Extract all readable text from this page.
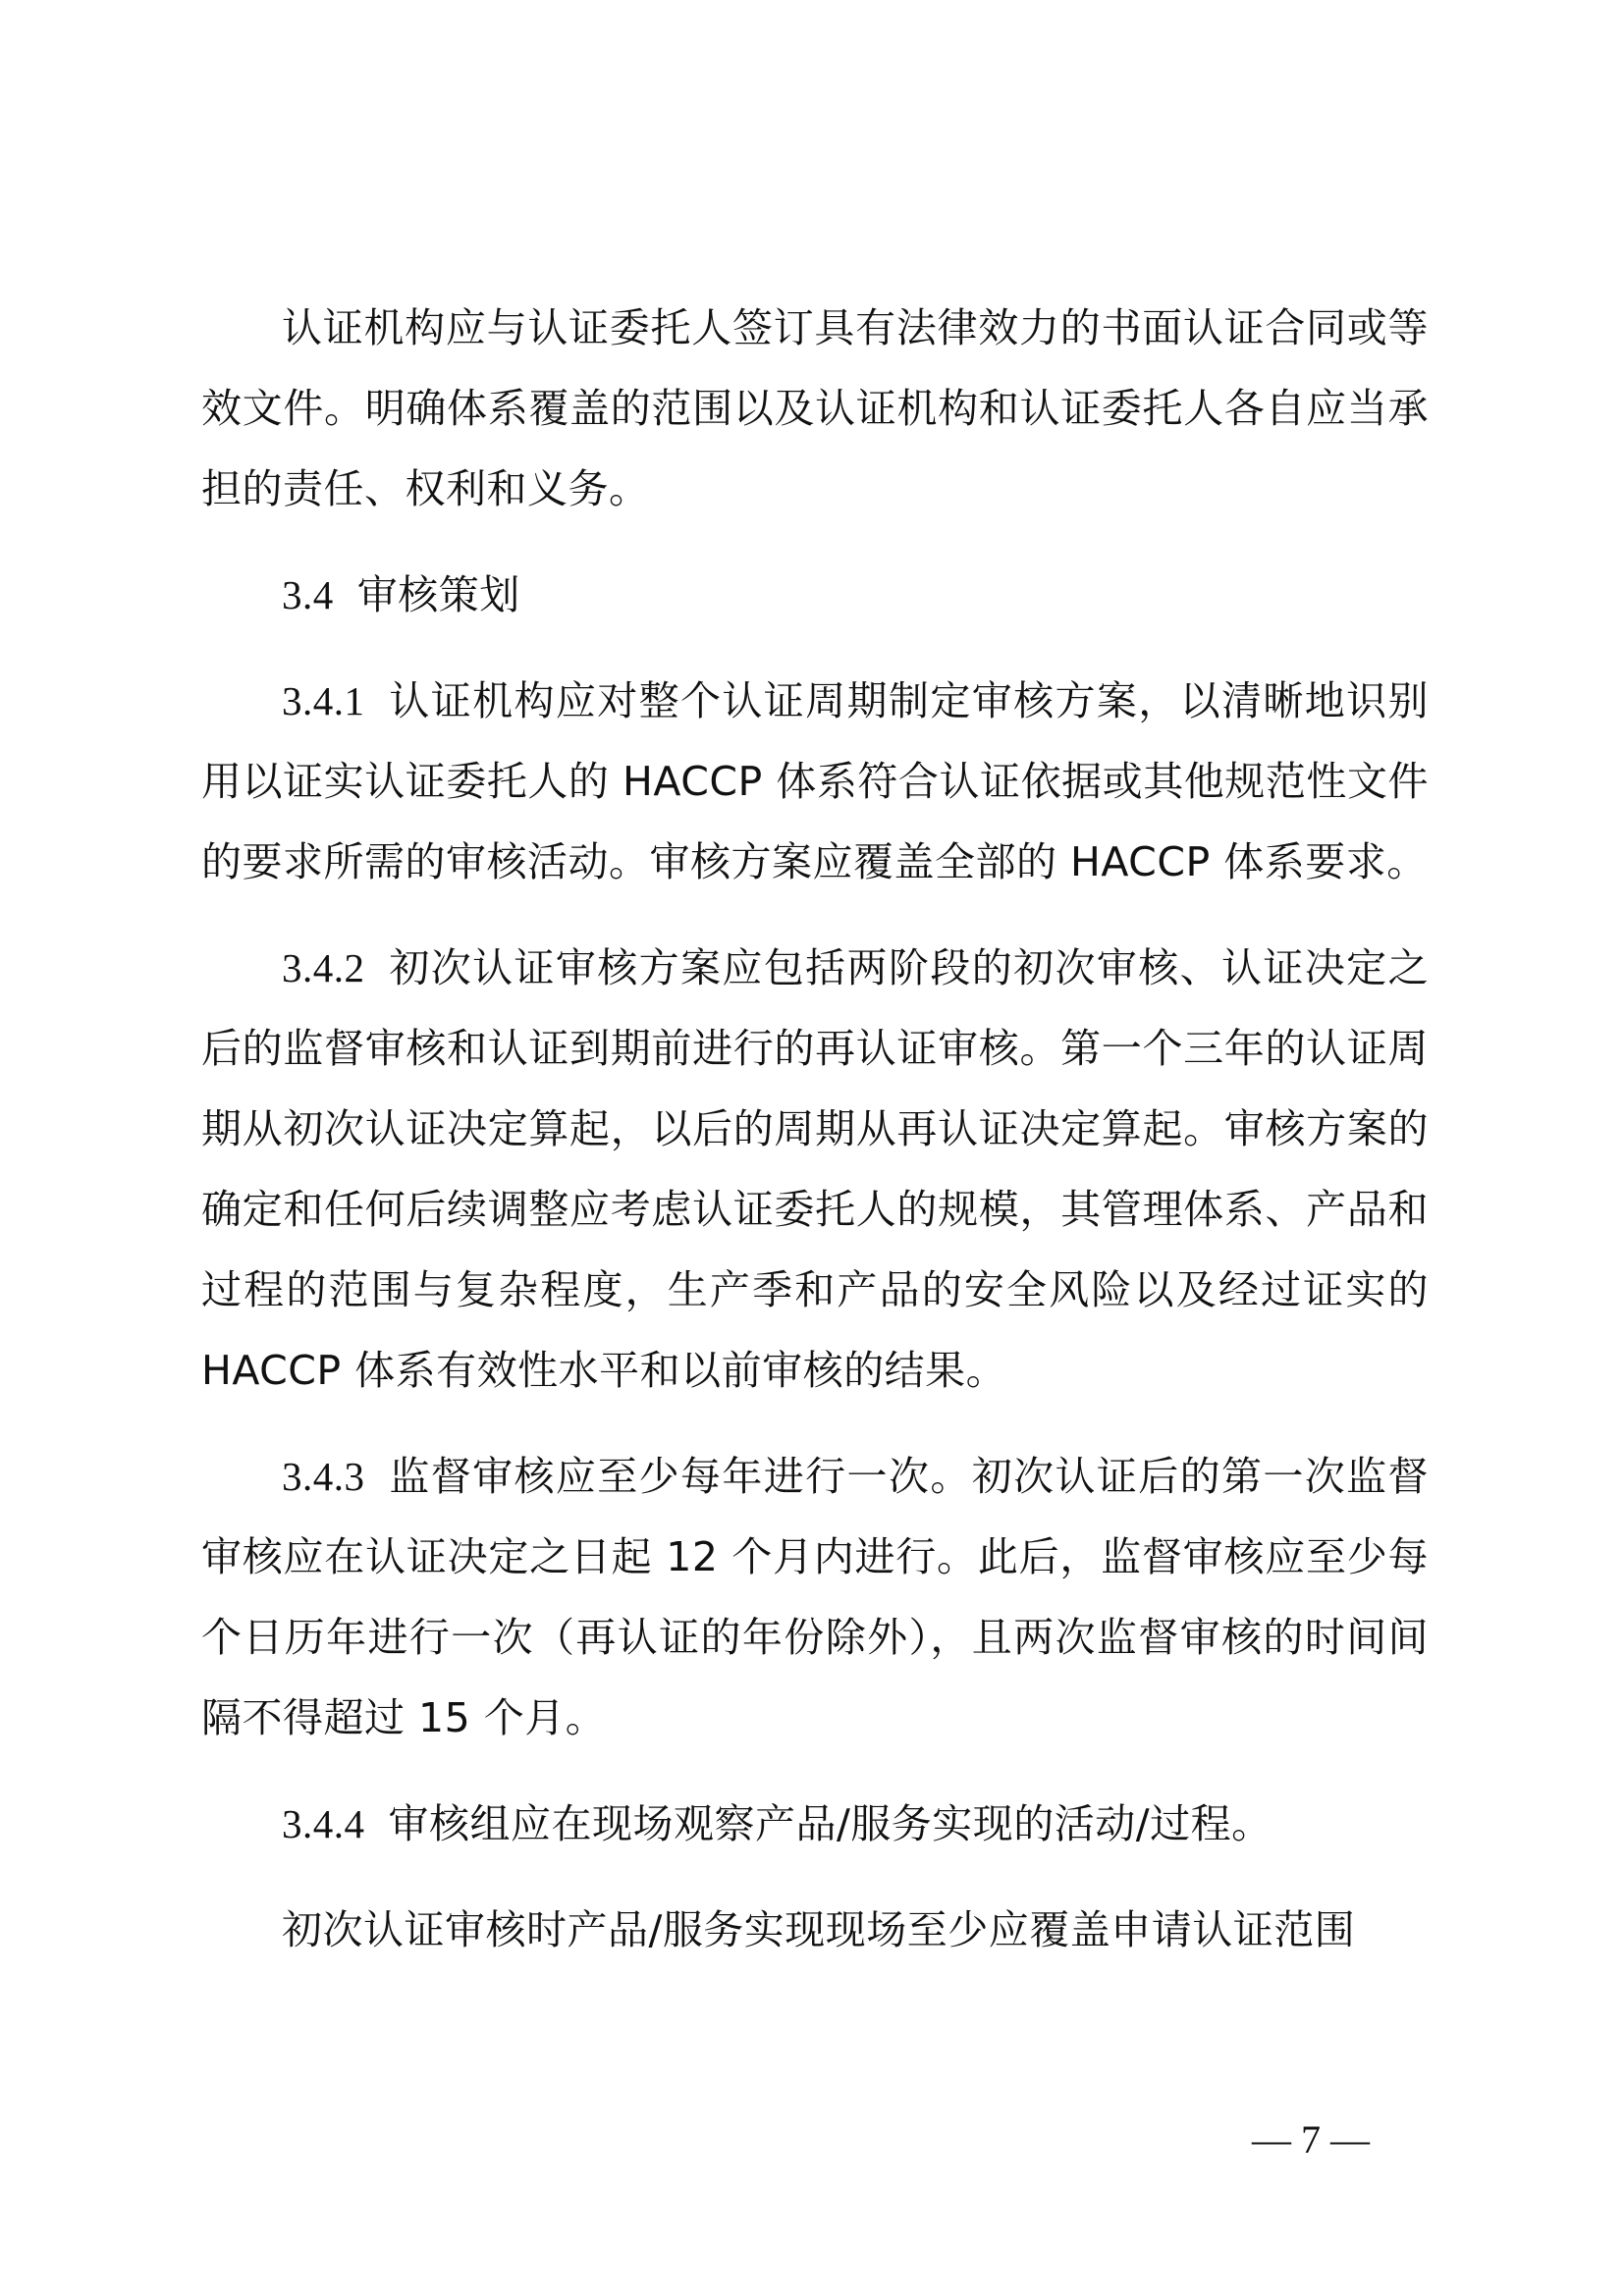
认证机构应与认证委托人签订具有法律效力的书面认证合同或等效文件。明确体系覆盖的范围以及认证机构和认证委托人各自应当承担的责任、权利和义务。

3.4 审核策划

3.4.1 认证机构应对整个认证周期制定审核方案，以清晰地识别用以证实认证委托人的 HACCP 体系符合认证依据或其他规范性文件的要求所需的审核活动。审核方案应覆盖全部的 HACCP 体系要求。

3.4.2 初次认证审核方案应包括两阶段的初次审核、认证决定之后的监督审核和认证到期前进行的再认证审核。第一个三年的认证周期从初次认证决定算起，以后的周期从再认证决定算起。审核方案的确定和任何后续调整应考虑认证委托人的规模，其管理体系、产品和过程的范围与复杂程度，生产季和产品的安全风险以及经过证实的 HACCP 体系有效性水平和以前审核的结果。

3.4.3 监督审核应至少每年进行一次。初次认证后的第一次监督审核应在认证决定之日起 12 个月内进行。此后，监督审核应至少每个日历年进行一次（再认证的年份除外），且两次监督审核的时间间隔不得超过 15 个月。

3.4.4 审核组应在现场观察产品/服务实现的活动/过程。

初次认证审核时产品/服务实现现场至少应覆盖申请认证范围

— 7 —
